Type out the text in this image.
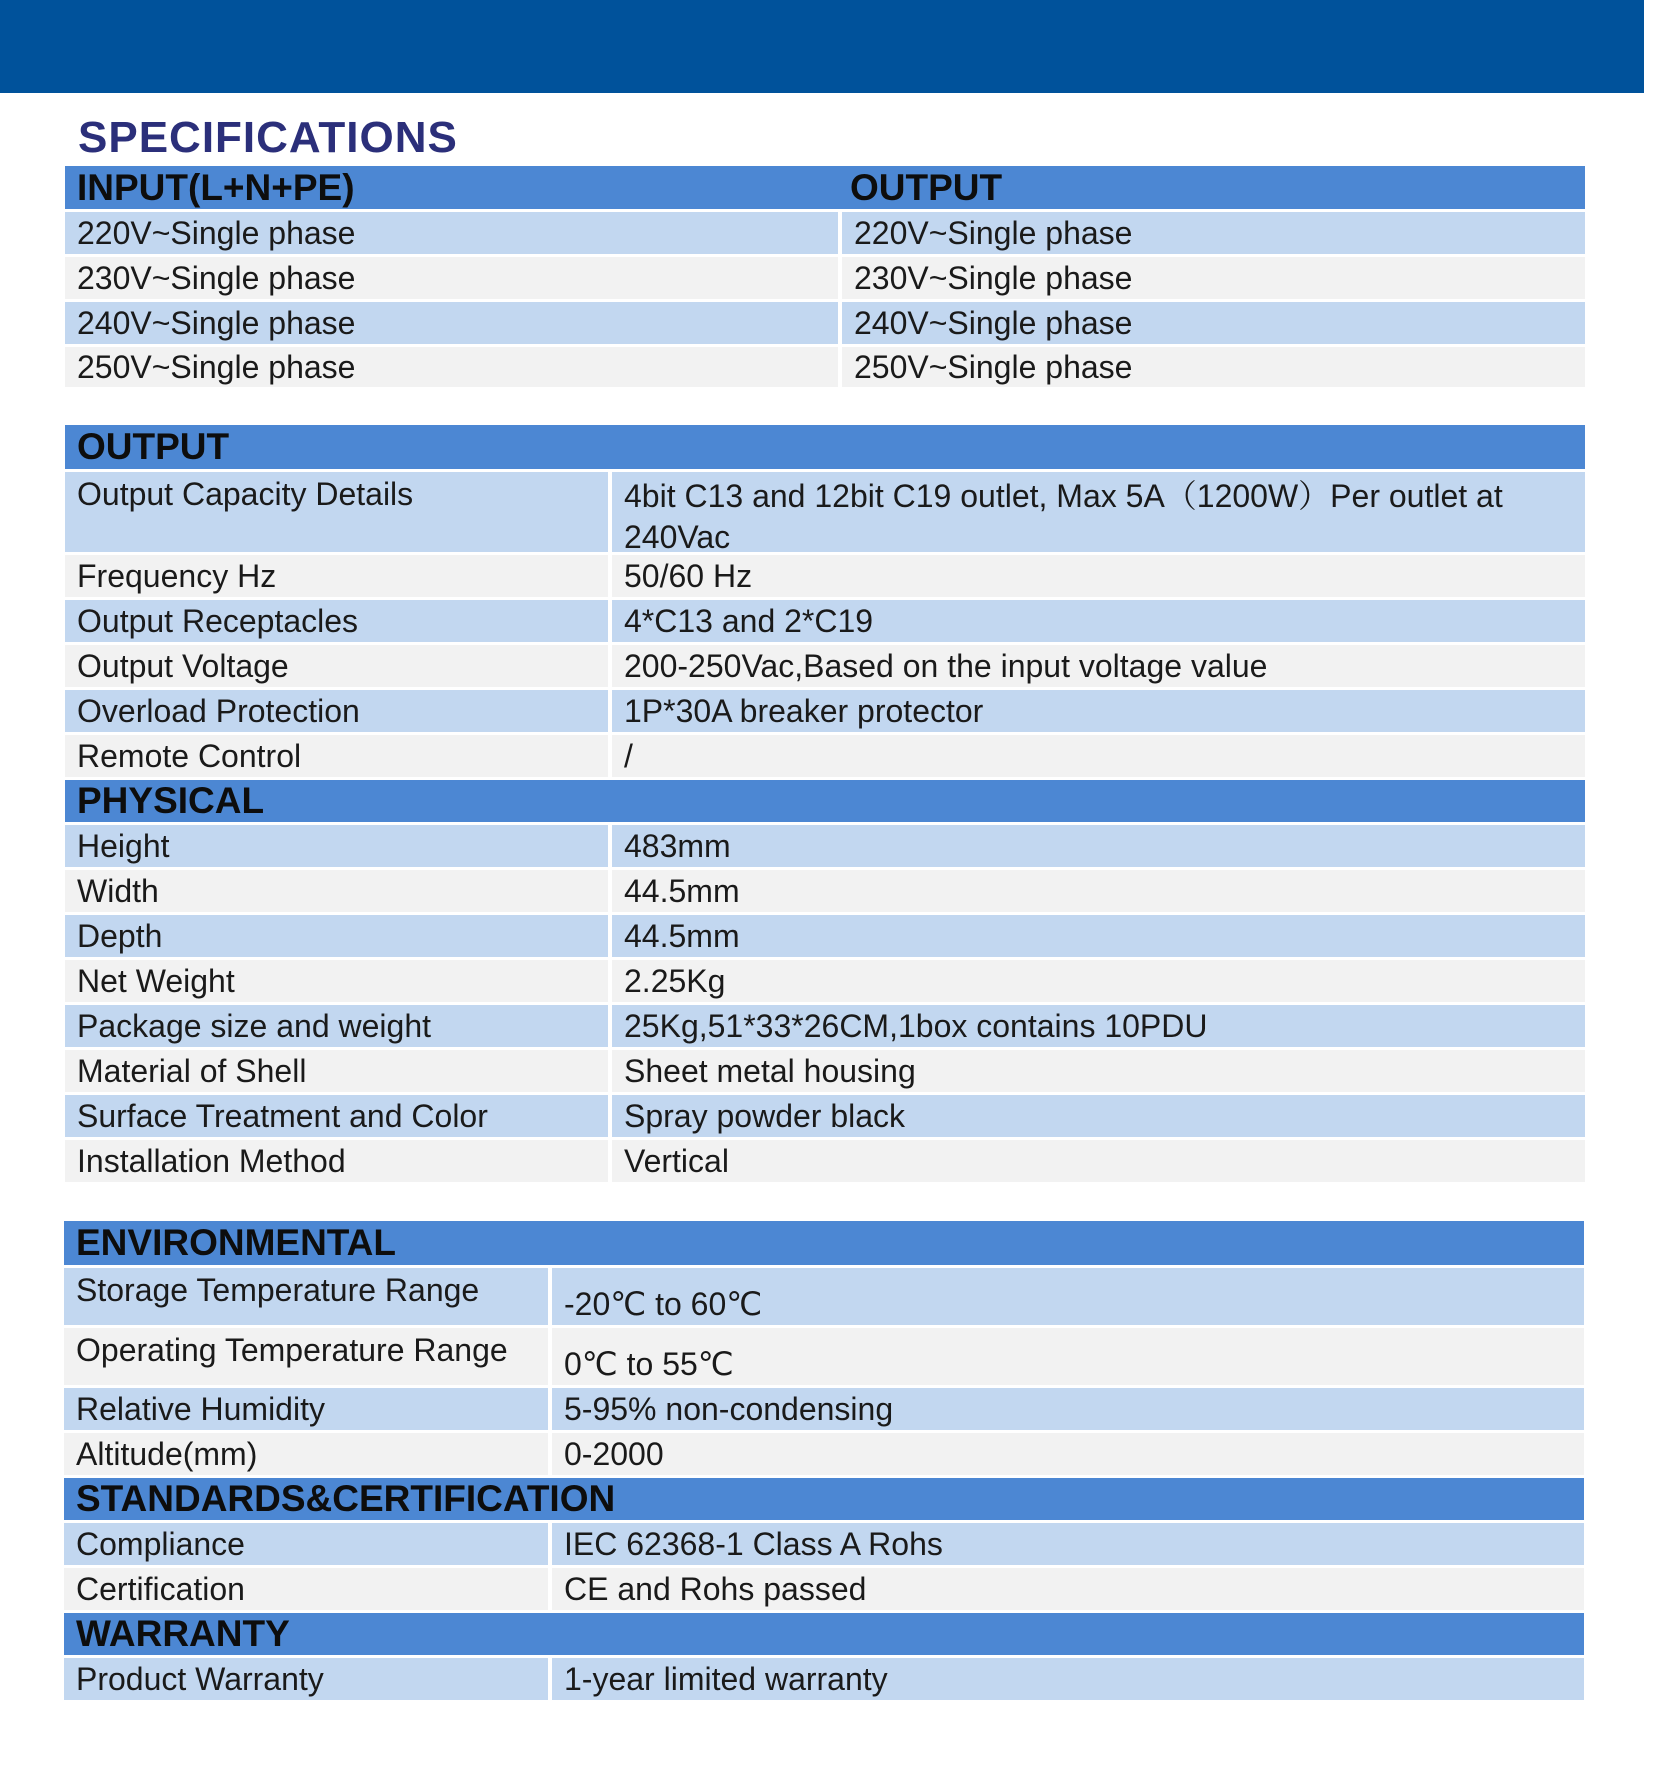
SPECIFICATIONS
INPUT(L+N+PE)	OUTPUT
220V~Single phase	220V~Single phase
230V~Single phase	230V~Single phase
240V~Single phase	240V~Single phase
250V~Single phase	250V~Single phase
OUTPUT
Output Capacity Details	4bit C13 and 12bit C19 outlet, Max 5A（1200W）Per outlet at 240Vac
Frequency Hz	50/60 Hz
Output Receptacles	4*C13 and 2*C19
Output Voltage	200-250Vac,Based on the input voltage value
Overload Protection	1P*30A breaker protector
Remote Control	/
PHYSICAL
Height	483mm
Width	44.5mm
Depth	44.5mm
Net Weight	2.25Kg
Package size and weight	25Kg,51*33*26CM,1box contains 10PDU
Material of Shell	Sheet metal housing
Surface Treatment and Color	Spray powder black
Installation Method	Vertical
ENVIRONMENTAL
Storage Temperature Range	-20℃ to 60℃
Operating Temperature Range	0℃ to 55℃
Relative Humidity	5-95% non-condensing
Altitude(mm)	0-2000
STANDARDS&CERTIFICATION
Compliance	IEC 62368-1 Class A Rohs
Certification	CE and Rohs passed
WARRANTY
Product Warranty	1-year limited warranty
